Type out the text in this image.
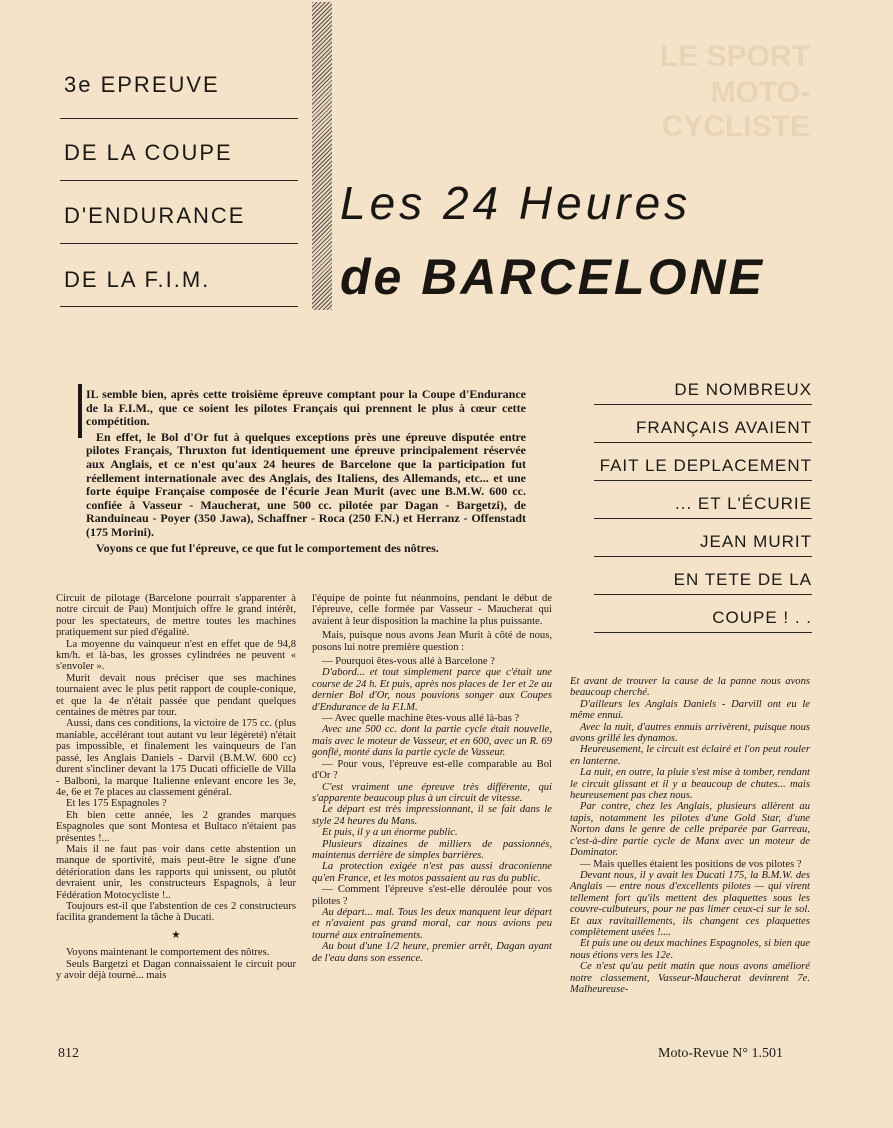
LE SPORT
MOTO-CYCLISTE
3e EPREUVE
DE LA COUPE
D'ENDURANCE
DE LA F.I.M.
Les 24 Heures
de BARCELONE

IL semble bien, après cette troisième épreuve comptant pour la Coupe d'Endurance de la F.I.M., que ce soient les pilotes Français qui prennent le plus à cœur cette compétition.

En effet, le Bol d'Or fut à quelques exceptions près une épreuve disputée entre pilotes Français, Thruxton fut identiquement une épreuve principalement réservée aux Anglais, et ce n'est qu'aux 24 heures de Barcelone que la participation fut réellement internationale avec des Anglais, des Italiens, des Allemands, etc... et une forte équipe Française composée de l'écurie Jean Murit (avec une B.M.W. 600 cc. confiée à Vasseur - Maucherat, une 500 cc. pilotée par Dagan - Bargetzi), de Randuineau - Poyer (350 Jawa), Schaffner - Roca (250 F.N.) et Herranz - Offenstadt (175 Morini).

Voyons ce que fut l'épreuve, ce que fut le comportement des nôtres.

DE NOMBREUX
FRANÇAIS AVAIENT
FAIT LE DEPLACEMENT
... ET L'ÉCURIE
JEAN MURIT
EN TETE DE LA
COUPE ! . .

Circuit de pilotage (Barcelone pourrait s'apparenter à notre circuit de Pau) Montjuich offre le grand intérêt, pour les spectateurs, de mettre toutes les machines pratiquement sur pied d'égalité.

La moyenne du vainqueur n'est en effet que de 94,8 km/h. et là-bas, les grosses cylindrées ne peuvent « s'envoler ».

Murit devait nous préciser que ses machines tournaient avec le plus petit rapport de couple-conique, et que la 4e n'était passée que pendant quelques centaines de mètres par tour.

Aussi, dans ces conditions, la victoire de 175 cc. (plus maniable, accélérant tout autant vu leur légèreté) n'était pas impossible, et finalement les vainqueurs de l'an passé, les Anglais Daniels - Darvil (B.M.W. 600 cc) durent s'incliner devant la 175 Ducati officielle de Villa - Balboni, la marque Italienne enlevant encore les 3e, 4e, 6e et 7e places au classement général.

Et les 175 Espagnoles ?

Eh bien cette année, les 2 grandes marques Espagnoles que sont Montesa et Bultaco n'étaient pas présentes !...

Mais il ne faut pas voir dans cette abstention un manque de sportivité, mais peut-être le signe d'une détérioration dans les rapports qui unissent, ou plutôt devraient unir, les constructeurs Espagnols, à leur Fédération Motocycliste !..

Toujours est-il que l'abstention de ces 2 constructeurs facilita grandement la tâche à Ducati.

★

Voyons maintenant le comportement des nôtres.

Seuls Bargetzi et Dagan connaissaient le circuit pour y avoir déjà tourné... mais

l'équipe de pointe fut néanmoins, pendant le début de l'épreuve, celle formée par Vasseur - Maucherat qui avaient à leur disposition la machine la plus puissante.

Mais, puisque nous avons Jean Murit à côté de nous, posons lui notre première question :

— Pourquoi êtes-vous allé à Barcelone ?

D'abord... et tout simplement parce que c'était une course de 24 h. Et puis, après nos places de 1er et 2e au dernier Bol d'Or, nous pouvions songer aux Coupes d'Endurance de la F.I.M.

— Avec quelle machine êtes-vous allé là-bas ?

Avec une 500 cc. dont la partie cycle était nouvelle, mais avec le moteur de Vasseur, et en 600, avec un R. 69 gonflé, monté dans la partie cycle de Vasseur.

— Pour vous, l'épreuve est-elle comparable au Bol d'Or ?

C'est vraiment une épreuve très différente, qui s'apparente beaucoup plus à un circuit de vitesse.

Le départ est très impressionnant, il se fait dans le style 24 heures du Mans.

Et puis, il y a un énorme public.

Plusieurs dizaines de milliers de passionnés, maintenus derrière de simples barrières.

La protection exigée n'est pas aussi draconienne qu'en France, et les motos passaient au ras du public.

— Comment l'épreuve s'est-elle déroulée pour vos pilotes ?

Au départ... mal. Tous les deux manquent leur départ et n'avaient pas grand moral, car nous avions peu tourné aux entraînements.

Au bout d'une 1/2 heure, premier arrêt, Dagan ayant de l'eau dans son essence.

Et avant de trouver la cause de la panne nous avons beaucoup cherché.

D'ailleurs les Anglais Daniels - Darvill ont eu le même ennui.

Avec la nuit, d'autres ennuis arrivèrent, puisque nous avons grillé les dynamos.

Heureusement, le circuit est éclairé et l'on peut rouler en lanterne.

La nuit, en outre, la pluie s'est mise à tomber, rendant le circuit glissant et il y a beaucoup de chutes... mais heureusement pas chez nous.

Par contre, chez les Anglais, plusieurs allèrent au tapis, notamment les pilotes d'une Gold Star, d'une Norton dans le genre de celle préparée par Garreau, c'est-à-dire partie cycle de Manx avec un moteur de Dominator.

— Mais quelles étaient les positions de vos pilotes ?

Devant nous, il y avait les Ducati 175, la B.M.W. des Anglais — entre nous d'excellents pilotes — qui virent tellement fort qu'ils mettent des plaquettes sous les couvre-culbuteurs, pour ne pas limer ceux-ci sur le sol. Et aux ravitaillements, ils changent ces plaquettes complètement usées !....

Et puis une ou deux machines Espagnoles, si bien que nous étions vers les 12e.

Ce n'est qu'au petit matin que nous avons amélioré notre classement, Vasseur-Maucherat devinrent 7e. Malheureuse-

812	Moto-Revue N° 1.501
